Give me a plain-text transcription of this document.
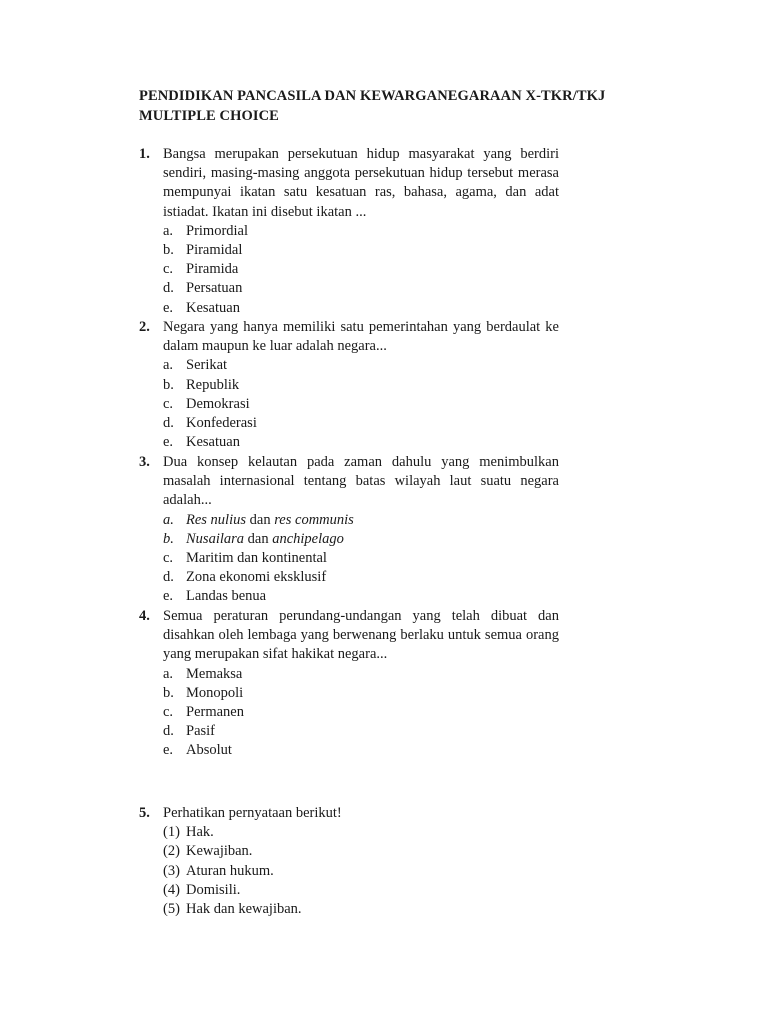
PENDIDIKAN PANCASILA DAN KEWARGANEGARAAN X-TKR/TKJ
MULTIPLE CHOICE
1. Bangsa merupakan persekutuan hidup masyarakat yang berdiri sendiri, masing-masing anggota persekutuan hidup tersebut merasa mempunyai ikatan satu kesatuan ras, bahasa, agama, dan adat istiadat. Ikatan ini disebut ikatan ...
a. Primordial
b. Piramidal
c. Piramida
d. Persatuan
e. Kesatuan
2. Negara yang hanya memiliki satu pemerintahan yang berdaulat ke dalam maupun ke luar adalah negara...
a. Serikat
b. Republik
c. Demokrasi
d. Konfederasi
e. Kesatuan
3. Dua konsep kelautan pada zaman dahulu yang menimbulkan masalah internasional tentang batas wilayah laut suatu negara adalah...
a. Res nulius dan res communis
b. Nusailara dan anchipelago
c. Maritim dan kontinental
d. Zona ekonomi eksklusif
e. Landas benua
4. Semua peraturan perundang-undangan yang telah dibuat dan disahkan oleh lembaga yang berwenang berlaku untuk semua orang yang merupakan sifat hakikat negara...
a. Memaksa
b. Monopoli
c. Permanen
d. Pasif
e. Absolut
5. Perhatikan pernyataan berikut!
(1) Hak.
(2) Kewajiban.
(3) Aturan hukum.
(4) Domisili.
(5) Hak dan kewajiban.
